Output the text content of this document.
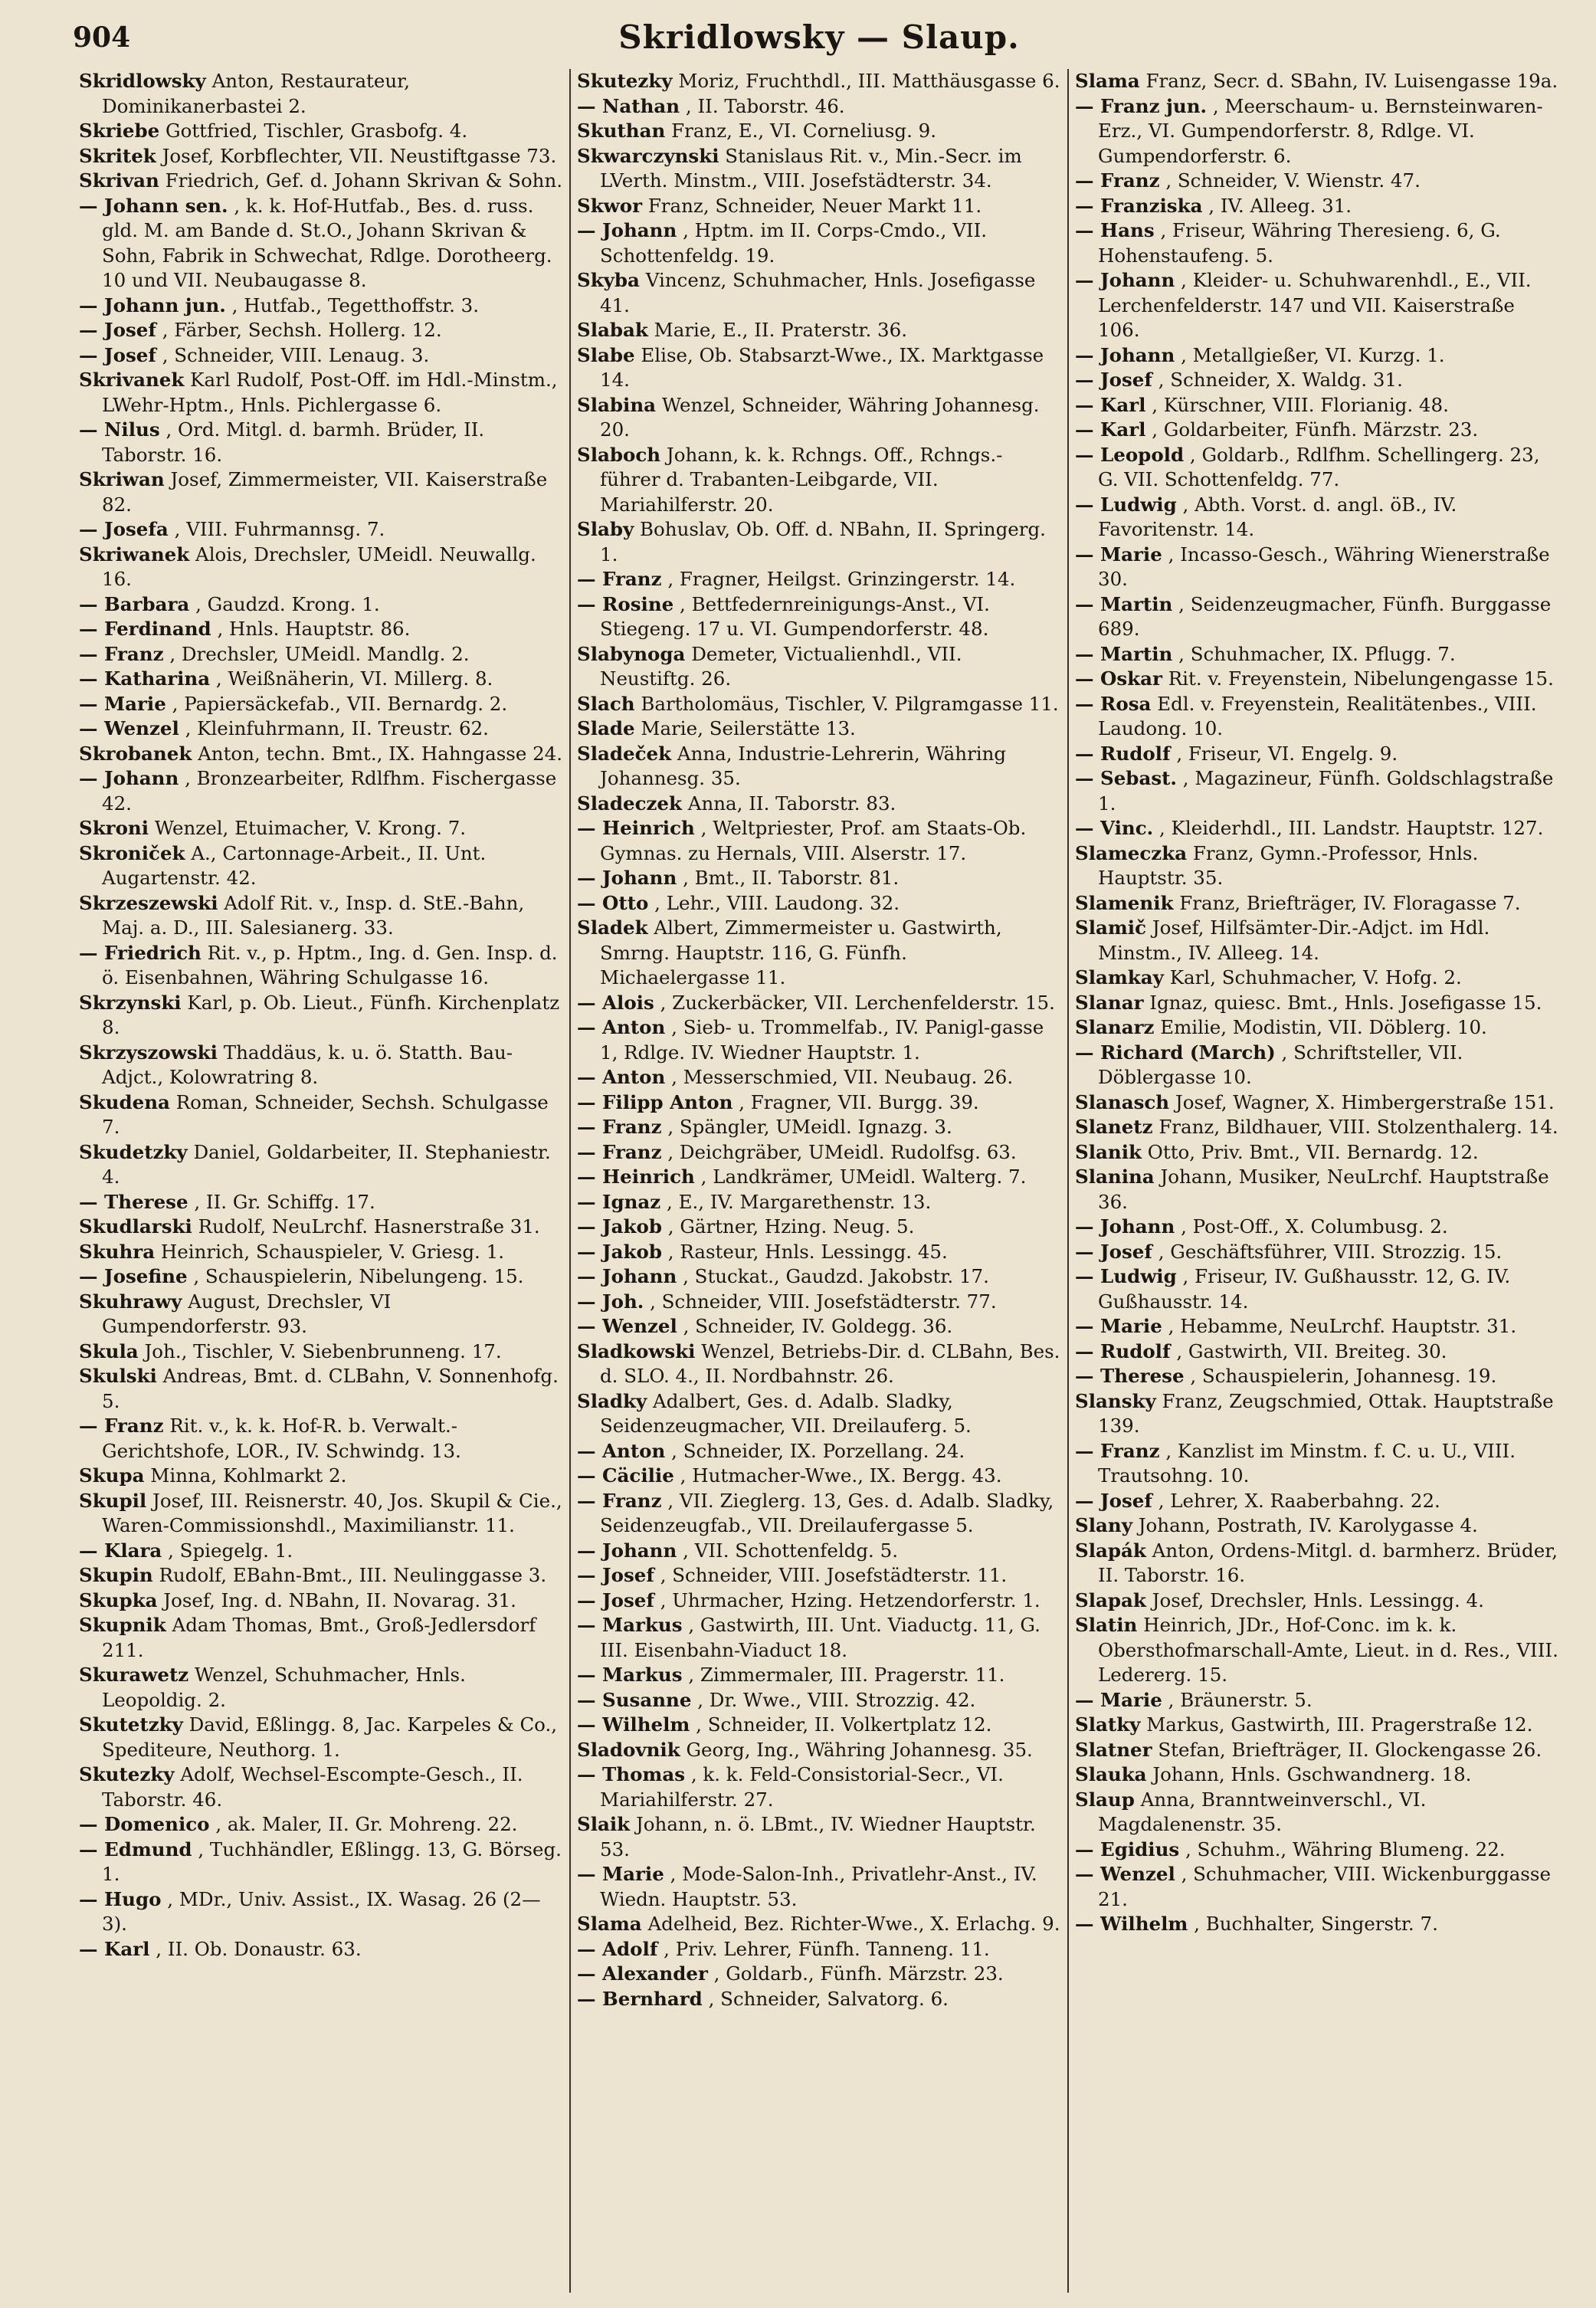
904	Skridlowsky — Slaup.

Skridlowsky Anton, Restaurateur, Dominikanerbastei 2.

Skriebe Gottfried, Tischler, Grasbofg. 4.

Skritek Josef, Korbflechter, VII. Neustiftgasse 73.

Skrivan Friedrich, Gef. d. Johann Skrivan & Sohn.

— Johann sen. , k. k. Hof-Hutfab., Bes. d. russ. gld. M. am Bande d. St.O., Johann Skrivan & Sohn, Fabrik in Schwechat, Rdlge. Dorotheerg. 10 und VII. Neubaugasse 8.

— Johann jun. , Hutfab., Tegetthoffstr. 3.

— Josef , Färber, Sechsh. Hollerg. 12.

— Josef , Schneider, VIII. Lenaug. 3.

Skrivanek Karl Rudolf, Post-Off. im Hdl.-Minstm., LWehr-Hptm., Hnls. Pichlergasse 6.

— Nilus , Ord. Mitgl. d. barmh. Brüder, II. Taborstr. 16.

Skriwan Josef, Zimmermeister, VII. Kaiserstraße 82.

— Josefa , VIII. Fuhrmannsg. 7.

Skriwanek Alois, Drechsler, UMeidl. Neuwallg. 16.

— Barbara , Gaudzd. Krong. 1.

— Ferdinand , Hnls. Hauptstr. 86.

— Franz , Drechsler, UMeidl. Mandlg. 2.

— Katharina , Weißnäherin, VI. Millerg. 8.

— Marie , Papiersäckefab., VII. Bernardg. 2.

— Wenzel , Kleinfuhrmann, II. Treustr. 62.

Skrobanek Anton, techn. Bmt., IX. Hahngasse 24.

— Johann , Bronzearbeiter, Rdlfhm. Fischergasse 42.

Skroni Wenzel, Etuimacher, V. Krong. 7.

Skroniček A., Cartonnage-Arbeit., II. Unt. Augartenstr. 42.

Skrzeszewski Adolf Rit. v., Insp. d. StE.-Bahn, Maj. a. D., III. Salesianerg. 33.

— Friedrich Rit. v., p. Hptm., Ing. d. Gen. Insp. d. ö. Eisenbahnen, Währing Schulgasse 16.

Skrzynski Karl, p. Ob. Lieut., Fünfh. Kirchenplatz 8.

Skrzyszowski Thaddäus, k. u. ö. Statth. Bau-Adjct., Kolowratring 8.

Skudena Roman, Schneider, Sechsh. Schulgasse 7.

Skudetzky Daniel, Goldarbeiter, II. Stephaniestr. 4.

— Therese , II. Gr. Schiffg. 17.

Skudlarski Rudolf, NeuLrchf. Hasnerstraße 31.

Skuhra Heinrich, Schauspieler, V. Griesg. 1.

— Josefine , Schauspielerin, Nibelungeng. 15.

Skuhrawy August, Drechsler, VI Gumpendorferstr. 93.

Skula Joh., Tischler, V. Siebenbrunneng. 17.

Skulski Andreas, Bmt. d. CLBahn, V. Sonnenhofg. 5.

— Franz Rit. v., k. k. Hof-R. b. Verwalt.-Gerichtshofe, LOR., IV. Schwindg. 13.

Skupa Minna, Kohlmarkt 2.

Skupil Josef, III. Reisnerstr. 40, Jos. Skupil & Cie., Waren-Commissionshdl., Maximilianstr. 11.

— Klara , Spiegelg. 1.

Skupin Rudolf, EBahn-Bmt., III. Neulinggasse 3.

Skupka Josef, Ing. d. NBahn, II. Novarag. 31.

Skupnik Adam Thomas, Bmt., Groß-Jedlersdorf 211.

Skurawetz Wenzel, Schuhmacher, Hnls. Leopoldig. 2.

Skutetzky David, Eßlingg. 8, Jac. Karpeles & Co., Spediteure, Neuthorg. 1.

Skutezky Adolf, Wechsel-Escompte-Gesch., II. Taborstr. 46.

— Domenico , ak. Maler, II. Gr. Mohreng. 22.

— Edmund , Tuchhändler, Eßlingg. 13, G. Börseg. 1.

— Hugo , MDr., Univ. Assist., IX. Wasag. 26 (2—3).

— Karl , II. Ob. Donaustr. 63.

Skutezky Moriz, Fruchthdl., III. Matthäusgasse 6.

— Nathan , II. Taborstr. 46.

Skuthan Franz, E., VI. Corneliusg. 9.

Skwarczynski Stanislaus Rit. v., Min.-Secr. im LVerth. Minstm., VIII. Josefstädterstr. 34.

Skwor Franz, Schneider, Neuer Markt 11.

— Johann , Hptm. im II. Corps-Cmdo., VII. Schottenfeldg. 19.

Skyba Vincenz, Schuhmacher, Hnls. Josefigasse 41.

Slabak Marie, E., II. Praterstr. 36.

Slabe Elise, Ob. Stabsarzt-Wwe., IX. Marktgasse 14.

Slabina Wenzel, Schneider, Währing Johannesg. 20.

Slaboch Johann, k. k. Rchngs. Off., Rchngs.-führer d. Trabanten-Leibgarde, VII. Mariahilferstr. 20.

Slaby Bohuslav, Ob. Off. d. NBahn, II. Springerg. 1.

— Franz , Fragner, Heilgst. Grinzingerstr. 14.

— Rosine , Bettfedernreinigungs-Anst., VI. Stiegeng. 17 u. VI. Gumpendorferstr. 48.

Slabynoga Demeter, Victualienhdl., VII. Neustiftg. 26.

Slach Bartholomäus, Tischler, V. Pilgramgasse 11.

Slade Marie, Seilerstätte 13.

Sladeček Anna, Industrie-Lehrerin, Währing Johannesg. 35.

Sladeczek Anna, II. Taborstr. 83.

— Heinrich , Weltpriester, Prof. am Staats-Ob. Gymnas. zu Hernals, VIII. Alserstr. 17.

— Johann , Bmt., II. Taborstr. 81.

— Otto , Lehr., VIII. Laudong. 32.

Sladek Albert, Zimmermeister u. Gastwirth, Smrng. Hauptstr. 116, G. Fünfh. Michaelergasse 11.

— Alois , Zuckerbäcker, VII. Lerchenfelderstr. 15.

— Anton , Sieb- u. Trommelfab., IV. Panigl-gasse 1, Rdlge. IV. Wiedner Hauptstr. 1.

— Anton , Messerschmied, VII. Neubaug. 26.

— Filipp Anton , Fragner, VII. Burgg. 39.

— Franz , Spängler, UMeidl. Ignazg. 3.

— Franz , Deichgräber, UMeidl. Rudolfsg. 63.

— Heinrich , Landkrämer, UMeidl. Walterg. 7.

— Ignaz , E., IV. Margarethenstr. 13.

— Jakob , Gärtner, Hzing. Neug. 5.

— Jakob , Rasteur, Hnls. Lessingg. 45.

— Johann , Stuckat., Gaudzd. Jakobstr. 17.

— Joh. , Schneider, VIII. Josefstädterstr. 77.

— Wenzel , Schneider, IV. Goldegg. 36.

Sladkowski Wenzel, Betriebs-Dir. d. CLBahn, Bes. d. SLO. 4., II. Nordbahnstr. 26.

Sladky Adalbert, Ges. d. Adalb. Sladky, Seidenzeugmacher, VII. Dreilauferg. 5.

— Anton , Schneider, IX. Porzellang. 24.

— Cäcilie , Hutmacher-Wwe., IX. Bergg. 43.

— Franz , VII. Zieglerg. 13, Ges. d. Adalb. Sladky, Seidenzeugfab., VII. Dreilaufergasse 5.

— Johann , VII. Schottenfeldg. 5.

— Josef , Schneider, VIII. Josefstädterstr. 11.

— Josef , Uhrmacher, Hzing. Hetzendorferstr. 1.

— Markus , Gastwirth, III. Unt. Viaductg. 11, G. III. Eisenbahn-Viaduct 18.

— Markus , Zimmermaler, III. Pragerstr. 11.

— Susanne , Dr. Wwe., VIII. Strozzig. 42.

— Wilhelm , Schneider, II. Volkertplatz 12.

Sladovnik Georg, Ing., Währing Johannesg. 35.

— Thomas , k. k. Feld-Consistorial-Secr., VI. Mariahilferstr. 27.

Slaik Johann, n. ö. LBmt., IV. Wiedner Hauptstr. 53.

— Marie , Mode-Salon-Inh., Privatlehr-Anst., IV. Wiedn. Hauptstr. 53.

Slama Adelheid, Bez. Richter-Wwe., X. Erlachg. 9.

— Adolf , Priv. Lehrer, Fünfh. Tanneng. 11.

— Alexander , Goldarb., Fünfh. Märzstr. 23.

— Bernhard , Schneider, Salvatorg. 6.

Slama Franz, Secr. d. SBahn, IV. Luisengasse 19a.

— Franz jun. , Meerschaum- u. Bernsteinwaren-Erz., VI. Gumpendorferstr. 8, Rdlge. VI. Gumpendorferstr. 6.

— Franz , Schneider, V. Wienstr. 47.

— Franziska , IV. Alleeg. 31.

— Hans , Friseur, Währing Theresieng. 6, G. Hohenstaufeng. 5.

— Johann , Kleider- u. Schuhwarenhdl., E., VII. Lerchenfelderstr. 147 und VII. Kaiserstraße 106.

— Johann , Metallgießer, VI. Kurzg. 1.

— Josef , Schneider, X. Waldg. 31.

— Karl , Kürschner, VIII. Florianig. 48.

— Karl , Goldarbeiter, Fünfh. Märzstr. 23.

— Leopold , Goldarb., Rdlfhm. Schellingerg. 23, G. VII. Schottenfeldg. 77.

— Ludwig , Abth. Vorst. d. angl. öB., IV. Favoritenstr. 14.

— Marie , Incasso-Gesch., Währing Wienerstraße 30.

— Martin , Seidenzeugmacher, Fünfh. Burggasse 689.

— Martin , Schuhmacher, IX. Pflugg. 7.

— Oskar Rit. v. Freyenstein, Nibelungengasse 15.

— Rosa Edl. v. Freyenstein, Realitätenbes., VIII. Laudong. 10.

— Rudolf , Friseur, VI. Engelg. 9.

— Sebast. , Magazineur, Fünfh. Goldschlagstraße 1.

— Vinc. , Kleiderhdl., III. Landstr. Hauptstr. 127.

Slameczka Franz, Gymn.-Professor, Hnls. Hauptstr. 35.

Slamenik Franz, Briefträger, IV. Floragasse 7.

Slamič Josef, Hilfsämter-Dir.-Adjct. im Hdl. Minstm., IV. Alleeg. 14.

Slamkay Karl, Schuhmacher, V. Hofg. 2.

Slanar Ignaz, quiesc. Bmt., Hnls. Josefigasse 15.

Slanarz Emilie, Modistin, VII. Döblerg. 10.

— Richard (March) , Schriftsteller, VII. Döblergasse 10.

Slanasch Josef, Wagner, X. Himbergerstraße 151.

Slanetz Franz, Bildhauer, VIII. Stolzenthalerg. 14.

Slanik Otto, Priv. Bmt., VII. Bernardg. 12.

Slanina Johann, Musiker, NeuLrchf. Hauptstraße 36.

— Johann , Post-Off., X. Columbusg. 2.

— Josef , Geschäftsführer, VIII. Strozzig. 15.

— Ludwig , Friseur, IV. Gußhausstr. 12, G. IV. Gußhausstr. 14.

— Marie , Hebamme, NeuLrchf. Hauptstr. 31.

— Rudolf , Gastwirth, VII. Breiteg. 30.

— Therese , Schauspielerin, Johannesg. 19.

Slansky Franz, Zeugschmied, Ottak. Hauptstraße 139.

— Franz , Kanzlist im Minstm. f. C. u. U., VIII. Trautsohng. 10.

— Josef , Lehrer, X. Raaberbahng. 22.

Slany Johann, Postrath, IV. Karolygasse 4.

Slapák Anton, Ordens-Mitgl. d. barmherz. Brüder, II. Taborstr. 16.

Slapak Josef, Drechsler, Hnls. Lessingg. 4.

Slatin Heinrich, JDr., Hof-Conc. im k. k. Obersthofmarschall-Amte, Lieut. in d. Res., VIII. Ledererg. 15.

— Marie , Bräunerstr. 5.

Slatky Markus, Gastwirth, III. Pragerstraße 12.

Slatner Stefan, Briefträger, II. Glockengasse 26.

Slauka Johann, Hnls. Gschwandnerg. 18.

Slaup Anna, Branntweinverschl., VI. Magdalenenstr. 35.

— Egidius , Schuhm., Währing Blumeng. 22.

— Wenzel , Schuhmacher, VIII. Wickenburggasse 21.

— Wilhelm , Buchhalter, Singerstr. 7.
